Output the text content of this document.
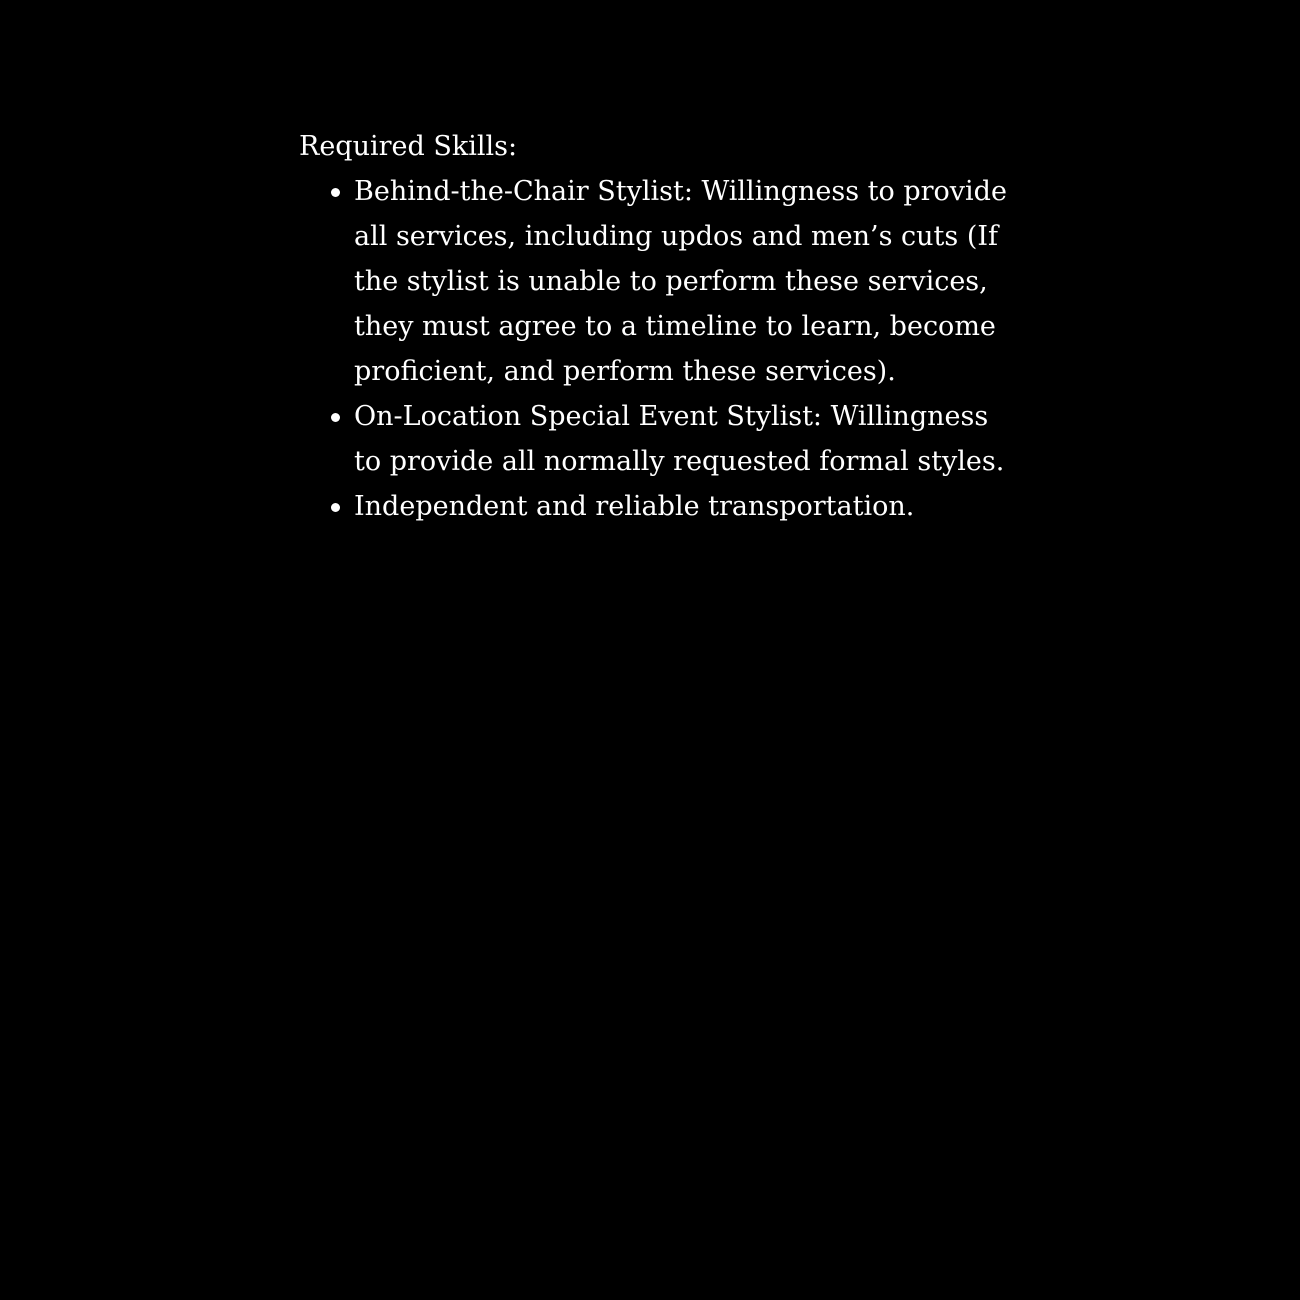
Required Skills:

Behind-the-Chair Stylist: Willingness to provide all services, including updos and men’s cuts (If the stylist is unable to perform these services, they must agree to a timeline to learn, become proficient, and perform these services).
On-Location Special Event Stylist: Willingness to provide all normally requested formal styles.
Independent and reliable transportation.
